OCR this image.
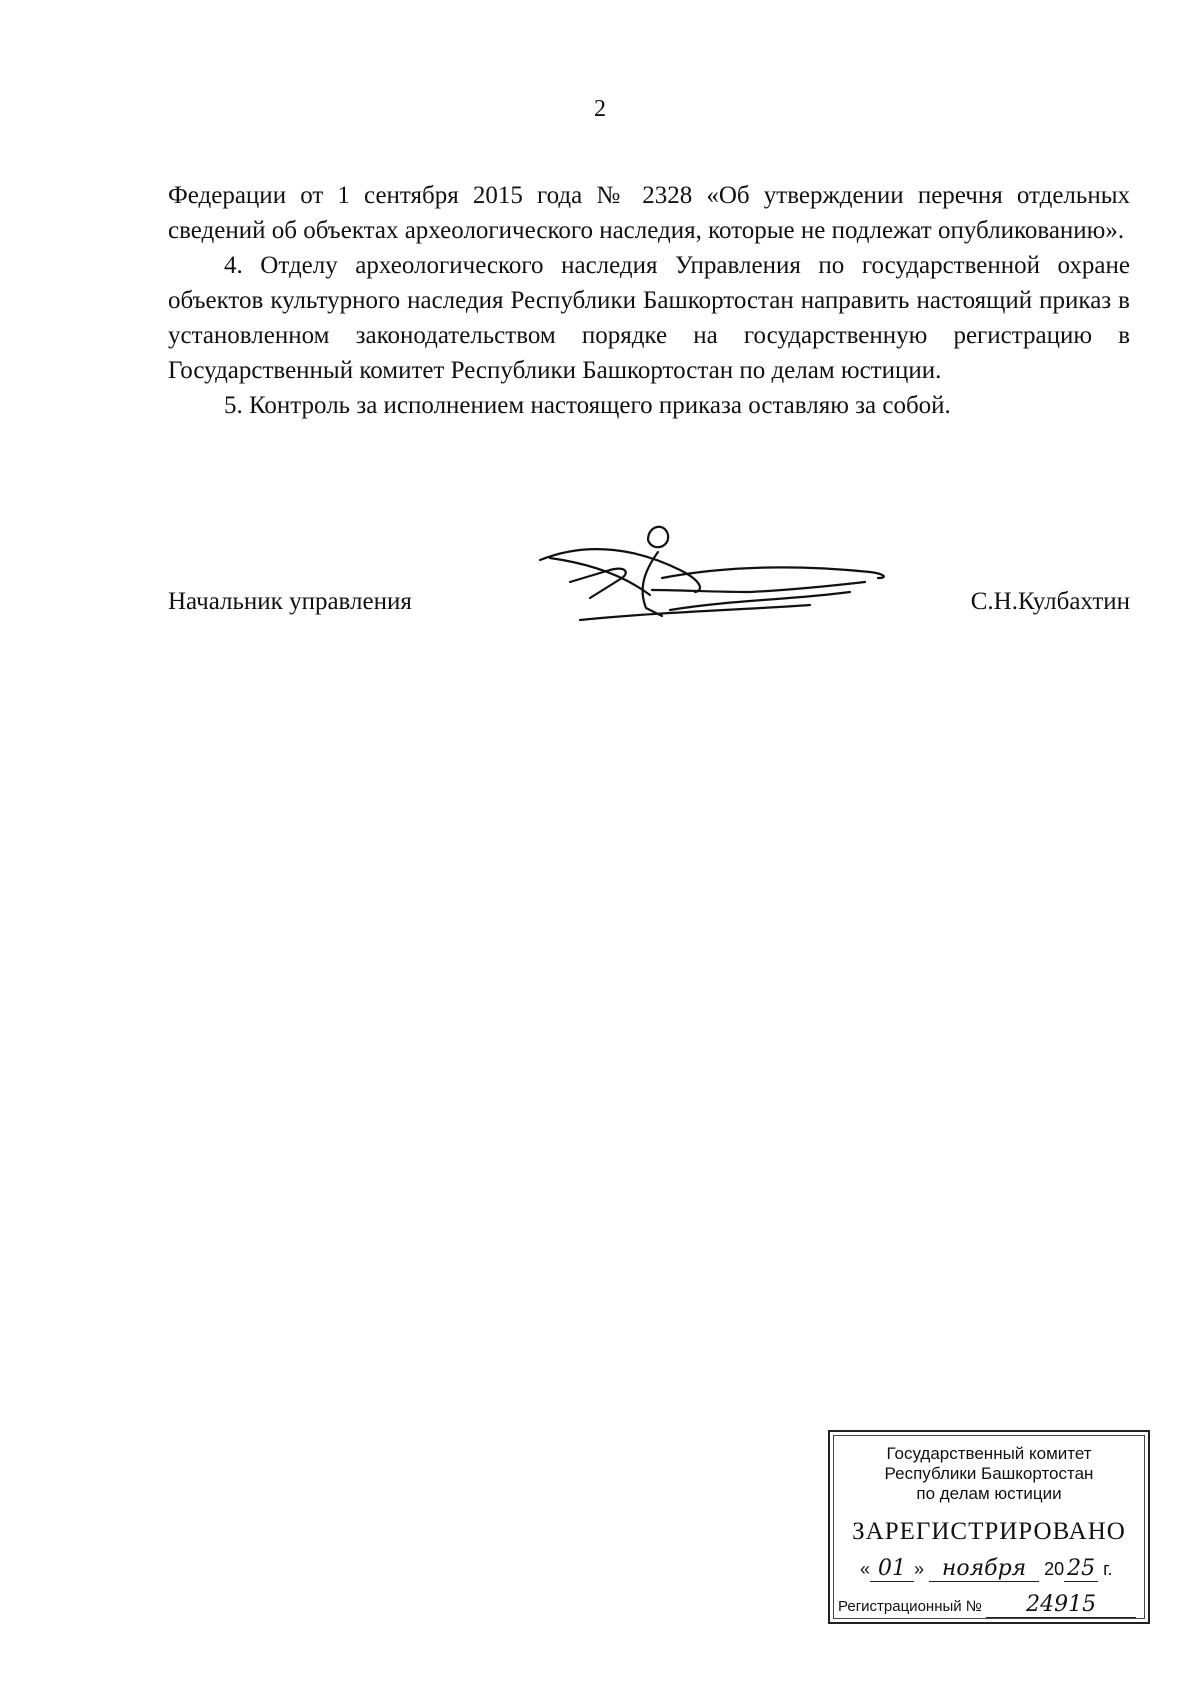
2

Федерации от 1 сентября 2015 года № 2328 «Об утверждении перечня отдельных сведений об объектах археологического наследия, которые не подлежат опубликованию».

4. Отделу археологического наследия Управления по государственной охране объектов культурного наследия Республики Башкортостан направить настоящий приказ в установленном законодательством порядке на государственную регистрацию в Государственный комитет Республики Башкортостан по делам юстиции.

5. Контроль за исполнением настоящего приказа оставляю за собой.

Начальник управления	С.Н.Кулбахтин
Государственный комитет
Республики Башкортостан
по делам юстиции
ЗАРЕГИСТРИРОВАНО
« 01 » ноября 20 25 г.
Регистрационный № 24915
